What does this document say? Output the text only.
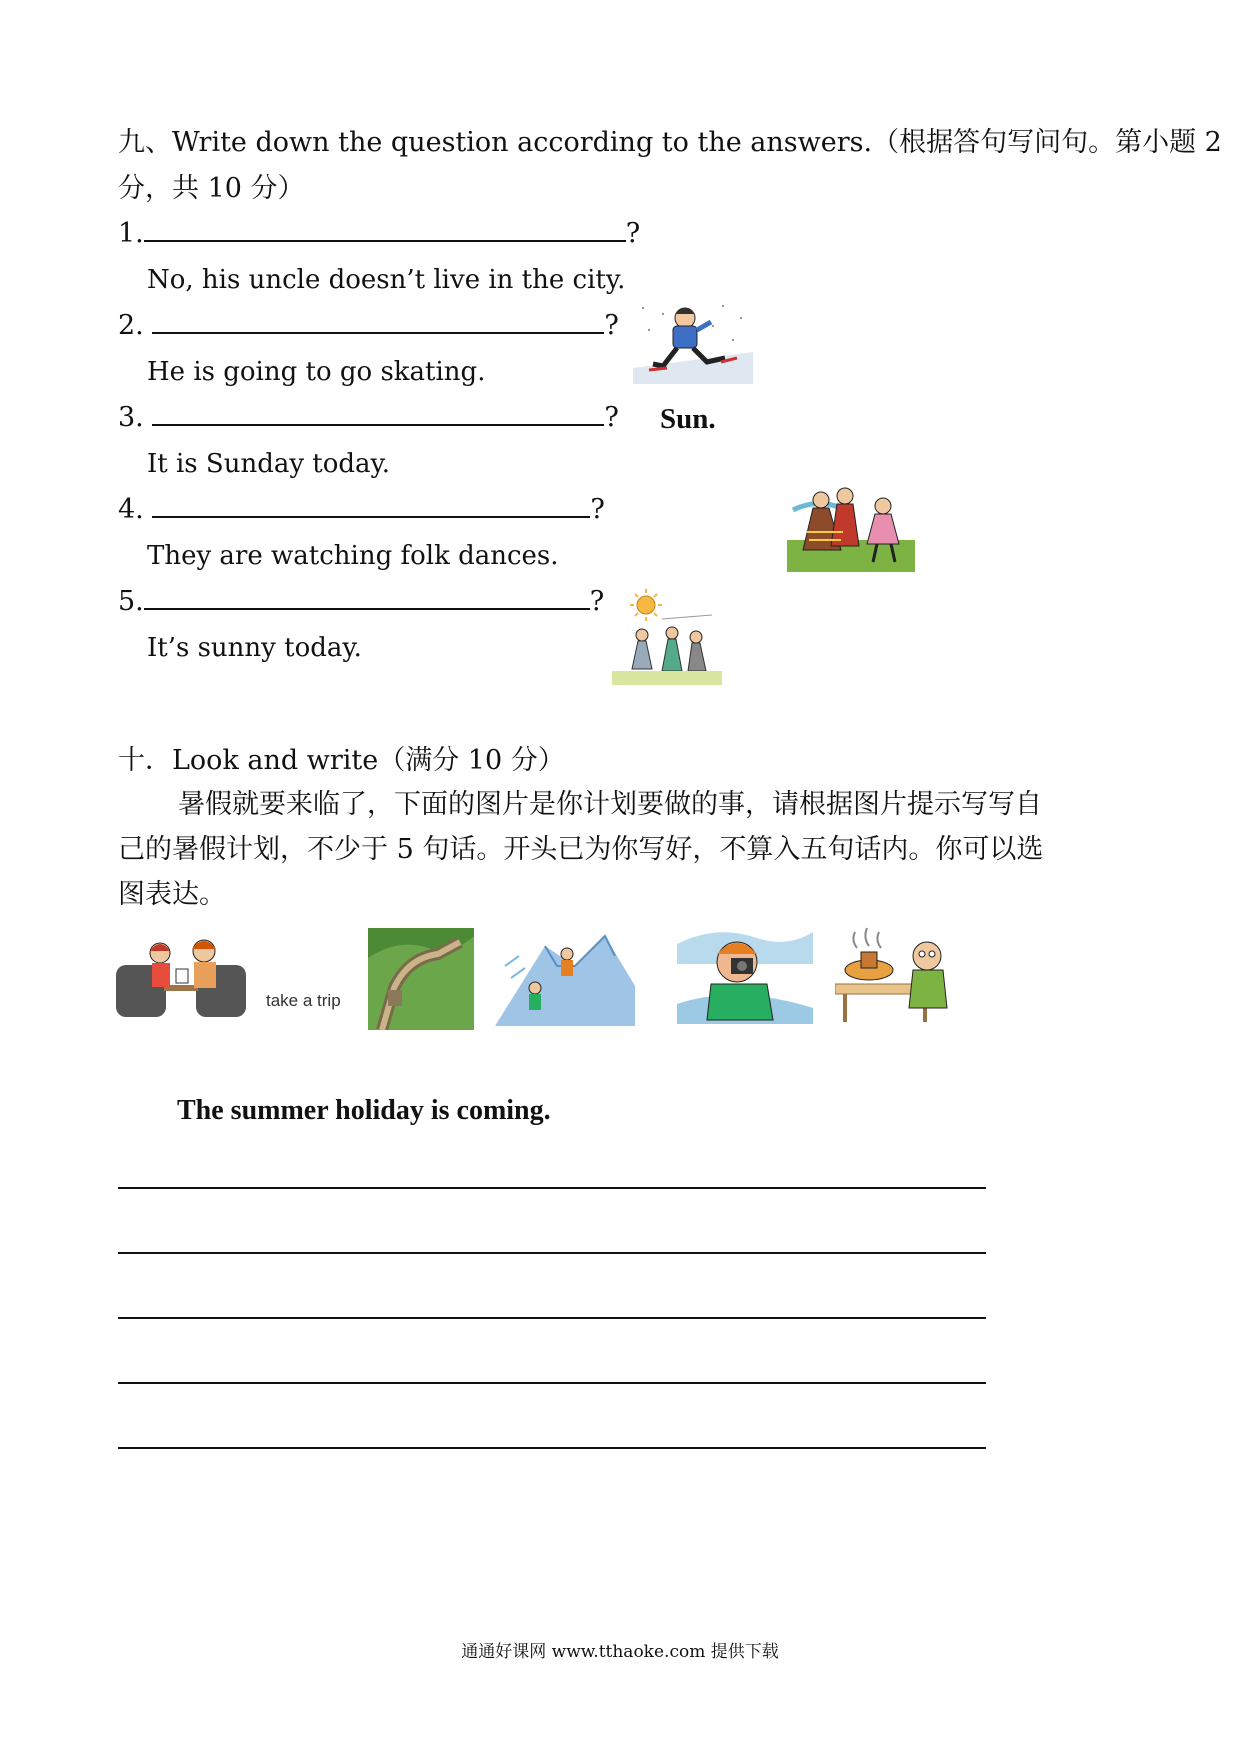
九、Write down the question according to the answers.（根据答句写问句。第小题 2
分，共 10 分）
1.	?
No, his uncle doesn’t live in the city.
2.	?
He is going to go skating.
3.	? Sun.
It is Sunday today.
4.	?
They are watching folk dances.
5.	?
It’s sunny today.
十．Look and write（满分 10 分）
暑假就要来临了，下面的图片是你计划要做的事，请根据图片提示写写自
己的暑假计划，不少于 5 句话。开头已为你写好，不算入五句话内。你可以选
图表达。
take a trip
The summer holiday is coming.
通通好课网 www.tthaoke.com 提供下载
